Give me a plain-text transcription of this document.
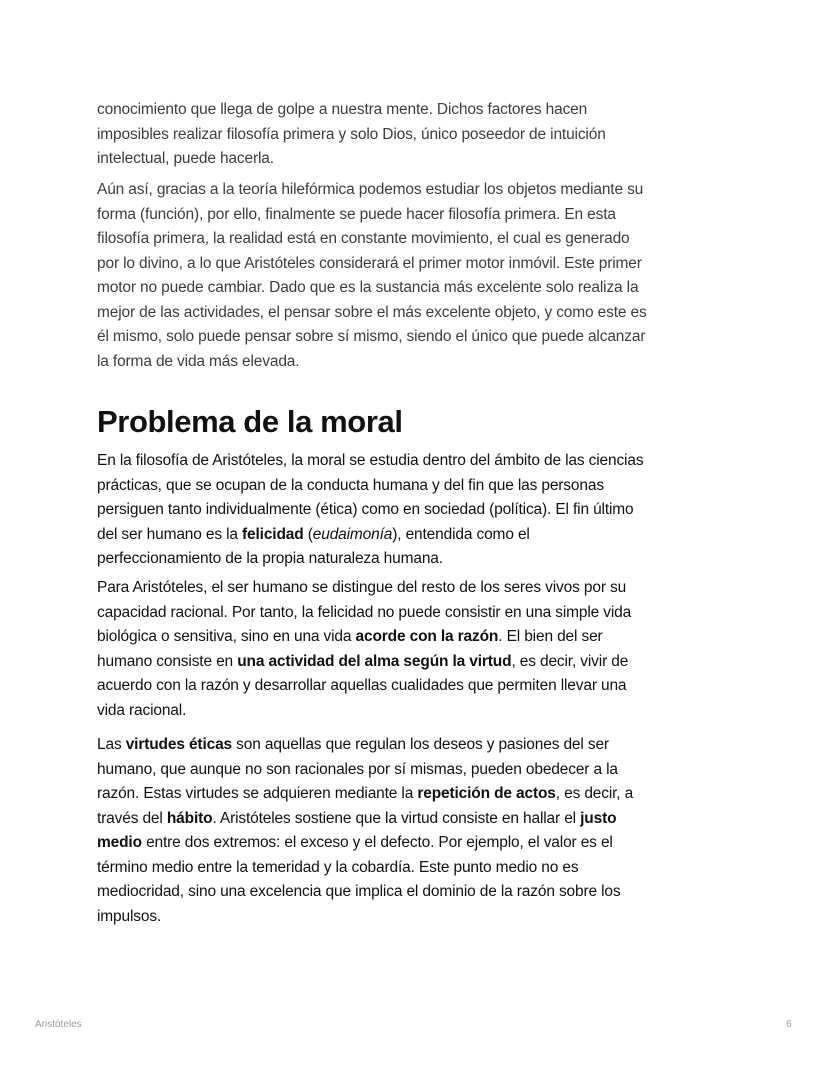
conocimiento que llega de golpe a nuestra mente. Dichos factores hacen
imposibles realizar filosofía primera y solo Dios, único poseedor de intuición
intelectual, puede hacerla.
Aún así, gracias a la teoría hilefórmica podemos estudiar los objetos mediante su
forma (función), por ello, finalmente se puede hacer filosofía primera. En esta
filosofía primera, la realidad está en constante movimiento, el cual es generado
por lo divino, a lo que Aristóteles considerará el primer motor inmóvil. Este primer
motor no puede cambiar. Dado que es la sustancia más excelente solo realiza la
mejor de las actividades, el pensar sobre el más excelente objeto, y como este es
él mismo, solo puede pensar sobre sí mismo, siendo el único que puede alcanzar
la forma de vida más elevada.
Problema de la moral
En la filosofía de Aristóteles, la moral se estudia dentro del ámbito de las ciencias
prácticas, que se ocupan de la conducta humana y del fin que las personas
persiguen tanto individualmente (ética) como en sociedad (política). El fin último
del ser humano es la felicidad (eudaimonía), entendida como el
perfeccionamiento de la propia naturaleza humana.
Para Aristóteles, el ser humano se distingue del resto de los seres vivos por su
capacidad racional. Por tanto, la felicidad no puede consistir en una simple vida
biológica o sensitiva, sino en una vida acorde con la razón. El bien del ser
humano consiste en una actividad del alma según la virtud, es decir, vivir de
acuerdo con la razón y desarrollar aquellas cualidades que permiten llevar una
vida racional.
Las virtudes éticas son aquellas que regulan los deseos y pasiones del ser
humano, que aunque no son racionales por sí mismas, pueden obedecer a la
razón. Estas virtudes se adquieren mediante la repetición de actos, es decir, a
través del hábito. Aristóteles sostiene que la virtud consiste en hallar el justo
medio entre dos extremos: el exceso y el defecto. Por ejemplo, el valor es el
término medio entre la temeridad y la cobardía. Este punto medio no es
mediocridad, sino una excelencia que implica el dominio de la razón sobre los
impulsos.
Aristóteles	6
